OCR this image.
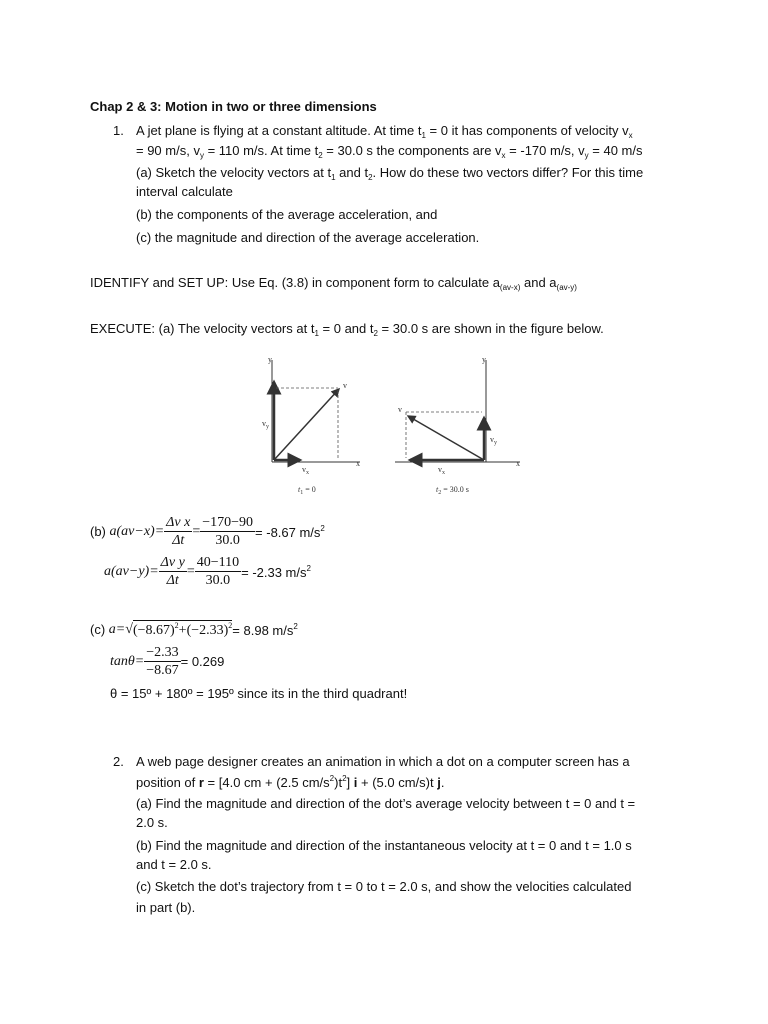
Chap 2 & 3: Motion in two or three dimensions
1. A jet plane is flying at a constant altitude. At time $t_1 = 0$ it has components of velocity $v_x$
= 90 m/s, $v_y = 110$ m/s. At time $t_2 = 30.0$ s the components are $v_x = -170$ m/s, $v_y = 40$ m/s
(a) Sketch the velocity vectors at $t_1$ and $t_2$. How do these two vectors differ? For this time
interval calculate
(b) the components of the average acceleration, and
(c) the magnitude and direction of the average acceleration.
IDENTIFY and SET UP: Use Eq. (3.8) in component form to calculate $a_{(av-x)}$ and $a_{(av-y)}$
EXECUTE: (a) The velocity vectors at $t_1 = 0$ and $t_2 = 30.0$ s are shown in the figure below.
y
x
v
$v_y$
$v_x$
$t_1 = 0$
y
x
v
$v_y$
$v_x$
$t_2 = 30.0$ s
(b)
$a(av-x)= \frac{\text{Δv x}}{\Delta t} = \frac{-170-90}{30.0} = -8.67$ $m/s^2$
$a(av-y)= \frac{\text{Δv y}}{\Delta t} = \frac{40-110}{30.0} = -2.33$ $m/s^2$
(c)
a=√ $(-8.67)^2+(-2.33)^2 = 8.98$ $m/s^2$
$\tan\theta= \frac{-2.33}{-8.67} = 0.269$
θ = 15º + 180º = 195º since its in the third quadrant!
2. A web page designer creates an animation in which a dot on a computer screen has a
position of r = [4.0 cm + (2.5 $cm/s^2)t^2$] i + (5.0 cm/s)t j.
(a) Find the magnitude and direction of the dot’s average velocity between t = 0 and t =
2.0 s.
(b) Find the magnitude and direction of the instantaneous velocity at t = 0 and t = 1.0 s
and t = 2.0 s.
(c) Sketch the dot’s trajectory from t = 0 to t = 2.0 s, and show the velocities calculated
in part (b).
